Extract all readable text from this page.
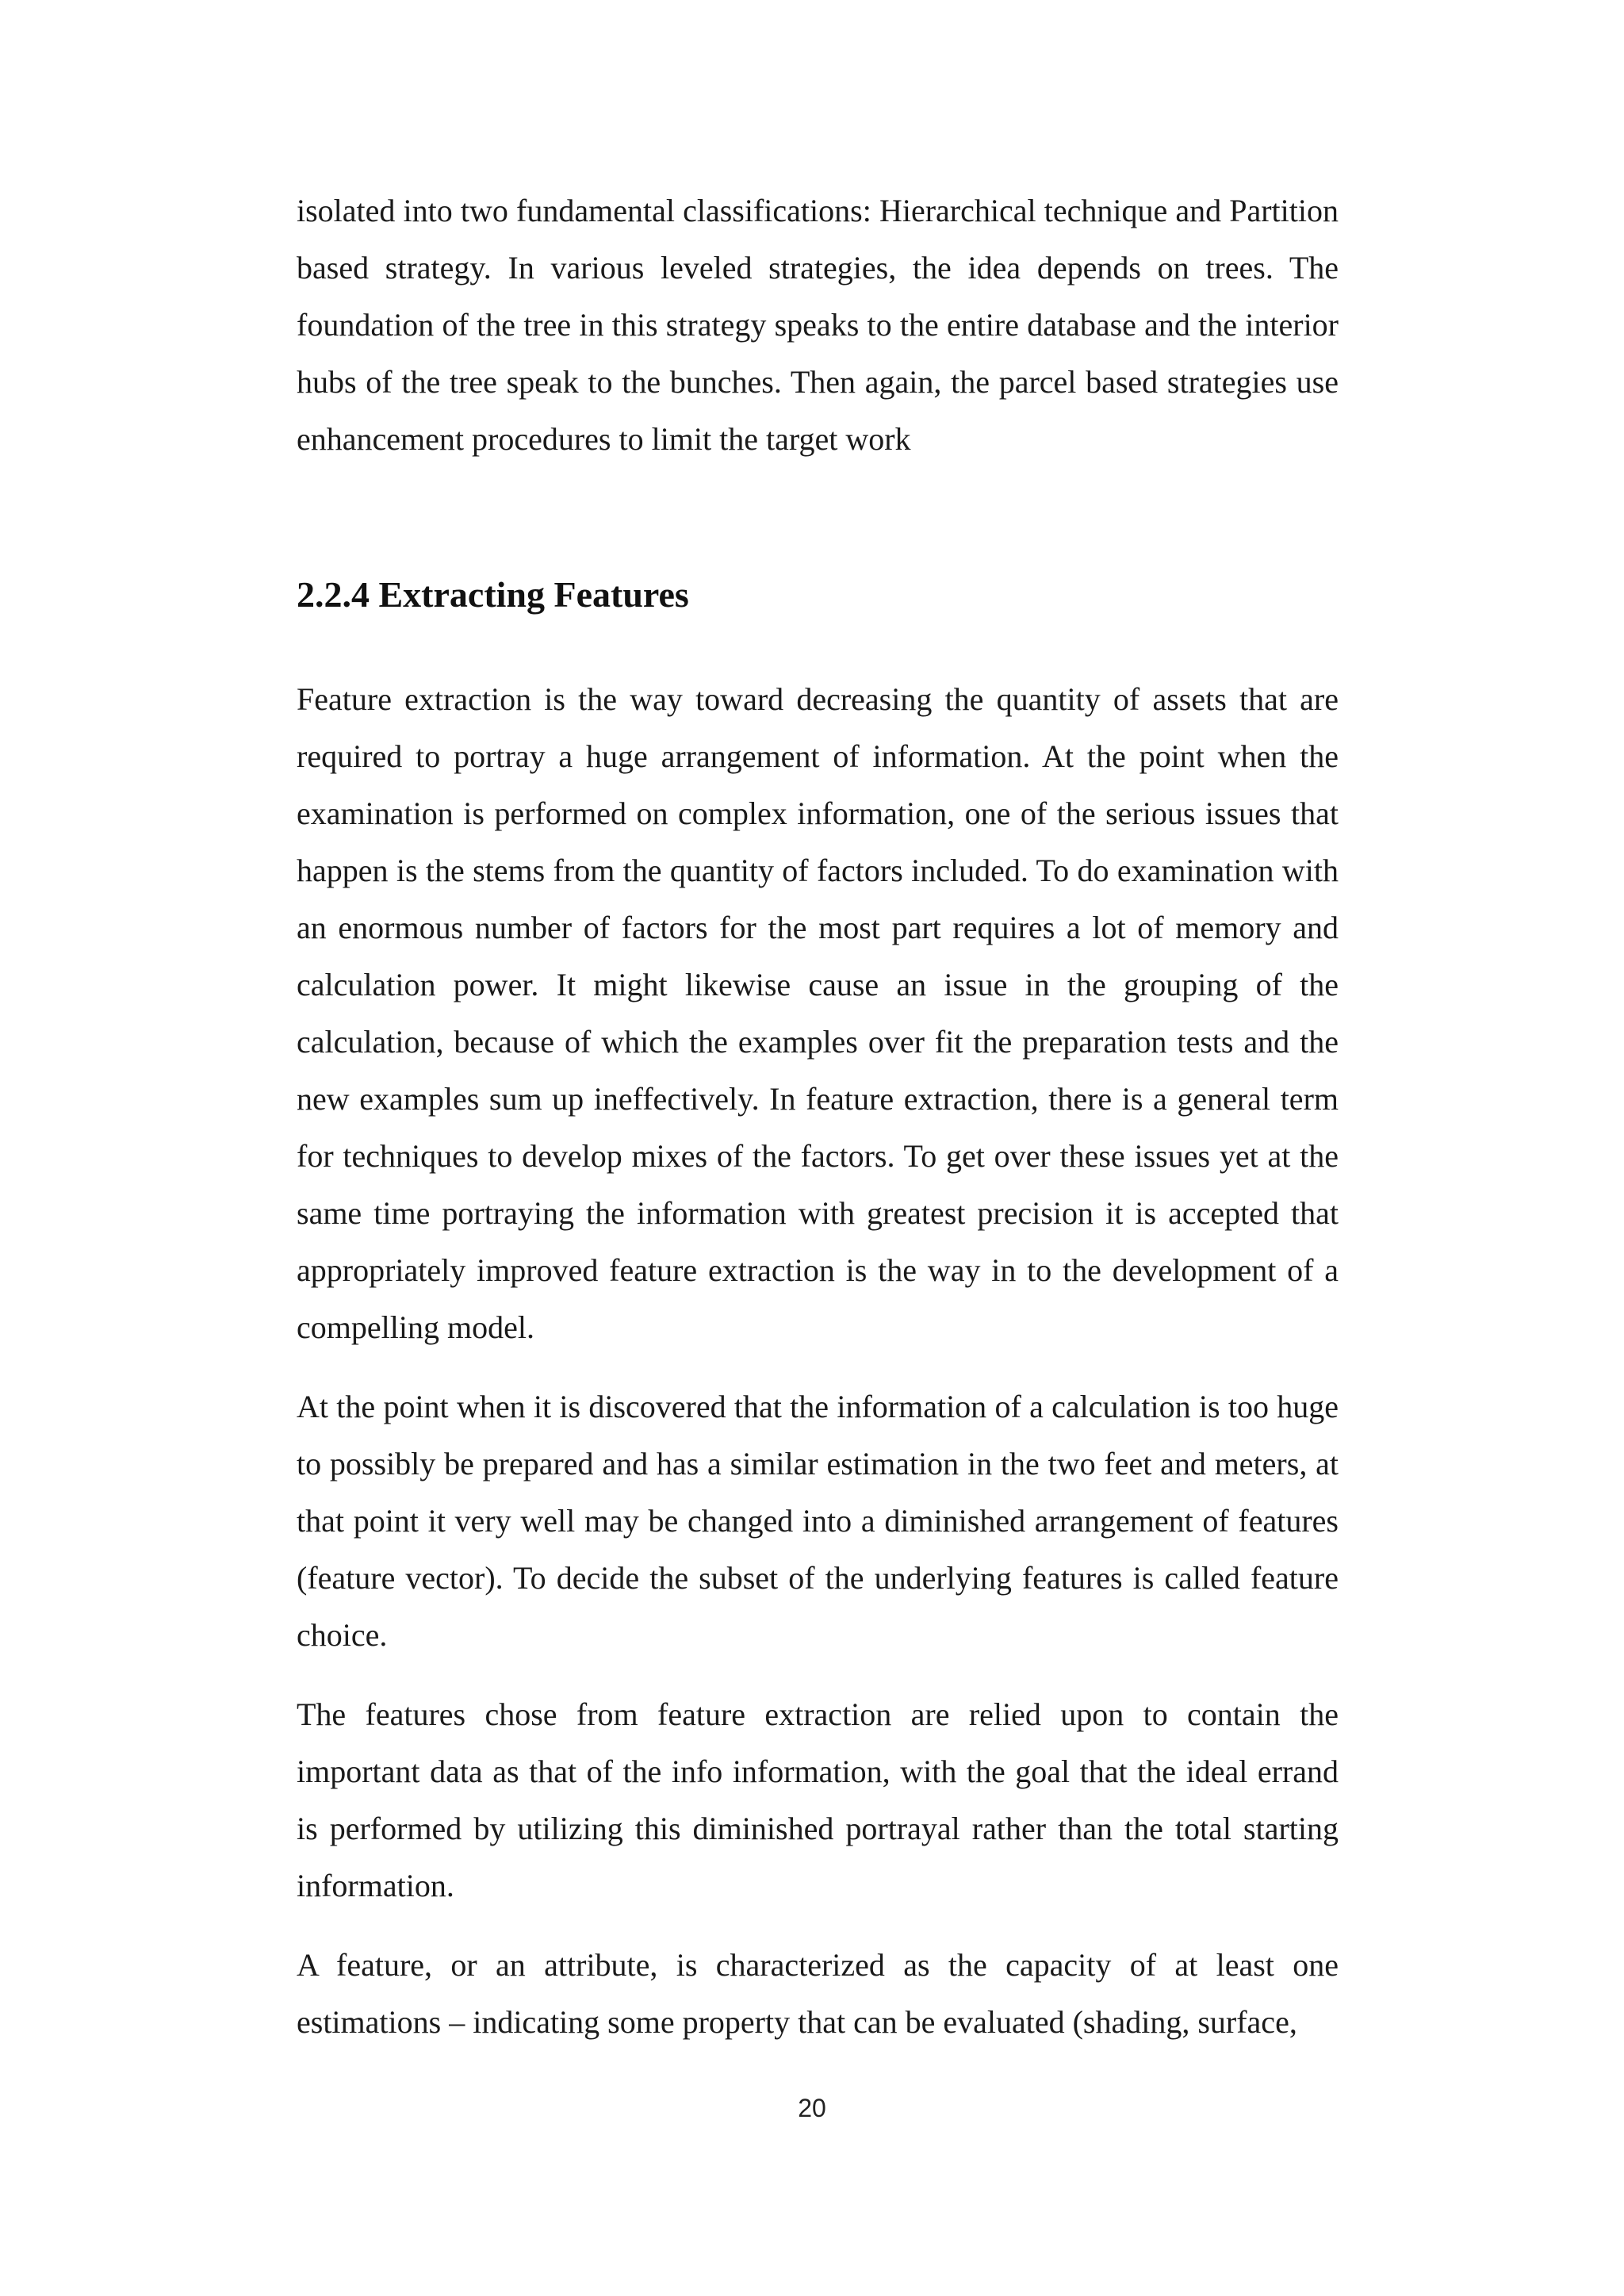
isolated into two fundamental classifications: Hierarchical technique and Partition based strategy. In various leveled strategies, the idea depends on trees. The foundation of the tree in this strategy speaks to the entire database and the interior hubs of the tree speak to the bunches. Then again, the parcel based strategies use enhancement procedures to limit the target work

2.2.4 Extracting Features

Feature extraction is the way toward decreasing the quantity of assets that are required to portray a huge arrangement of information. At the point when the examination is performed on complex information, one of the serious issues that happen is the stems from the quantity of factors included. To do examination with an enormous number of factors for the most part requires a lot of memory and calculation power. It might likewise cause an issue in the grouping of the calculation, because of which the examples over fit the preparation tests and the new examples sum up ineffectively. In feature extraction, there is a general term for techniques to develop mixes of the factors. To get over these issues yet at the same time portraying the information with greatest precision it is accepted that appropriately improved feature extraction is the way in to the development of a compelling model.

At the point when it is discovered that the information of a calculation is too huge to possibly be prepared and has a similar estimation in the two feet and meters, at that point it very well may be changed into a diminished arrangement of features (feature vector). To decide the subset of the underlying features is called feature choice.

The features chose from feature extraction are relied upon to contain the important data as that of the info information, with the goal that the ideal errand is performed by utilizing this diminished portrayal rather than the total starting information.

A feature, or an attribute, is characterized as the capacity of at least one estimations – indicating some property that can be evaluated (shading, surface,

20
